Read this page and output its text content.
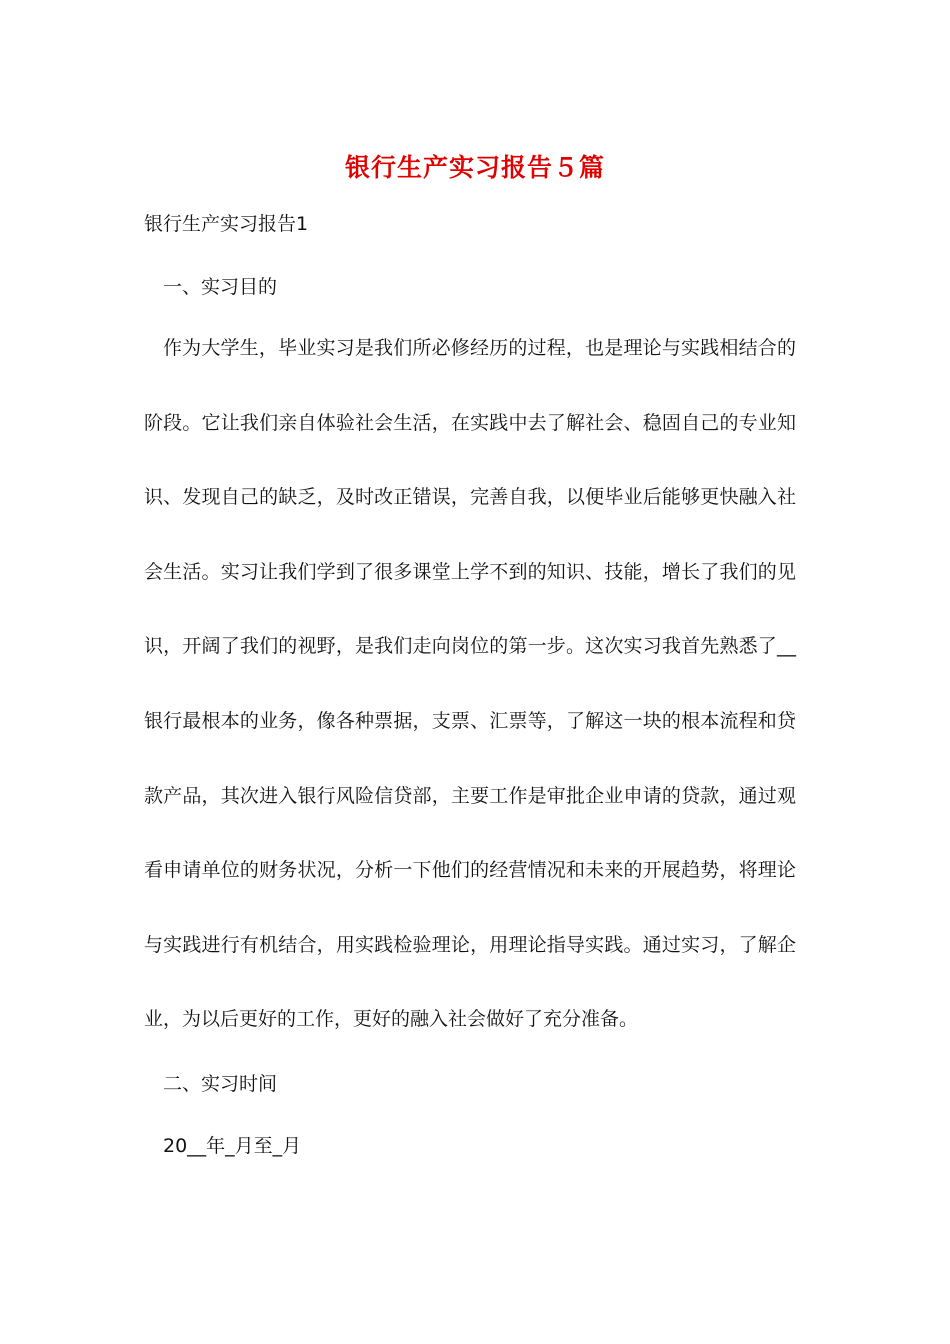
银行生产实习报告５篇
银行生产实习报告1
一、实习目的
作为大学生，毕业实习是我们所必修经历的过程，也是理论与实践相结合的
阶段。它让我们亲自体验社会生活，在实践中去了解社会、稳固自己的专业知
识、发现自己的缺乏，及时改正错误，完善自我，以便毕业后能够更快融入社
会生活。实习让我们学到了很多课堂上学不到的知识、技能，增长了我们的见
识，开阔了我们的视野，是我们走向岗位的第一步。这次实习我首先熟悉了__
银行最根本的业务，像各种票据，支票、汇票等，了解这一块的根本流程和贷
款产品，其次进入银行风险信贷部，主要工作是审批企业申请的贷款，通过观
看申请单位的财务状况，分析一下他们的经营情况和未来的开展趋势，将理论
与实践进行有机结合，用实践检验理论，用理论指导实践。通过实习，了解企
业，为以后更好的工作，更好的融入社会做好了充分准备。
二、实习时间
20__年_月至_月
